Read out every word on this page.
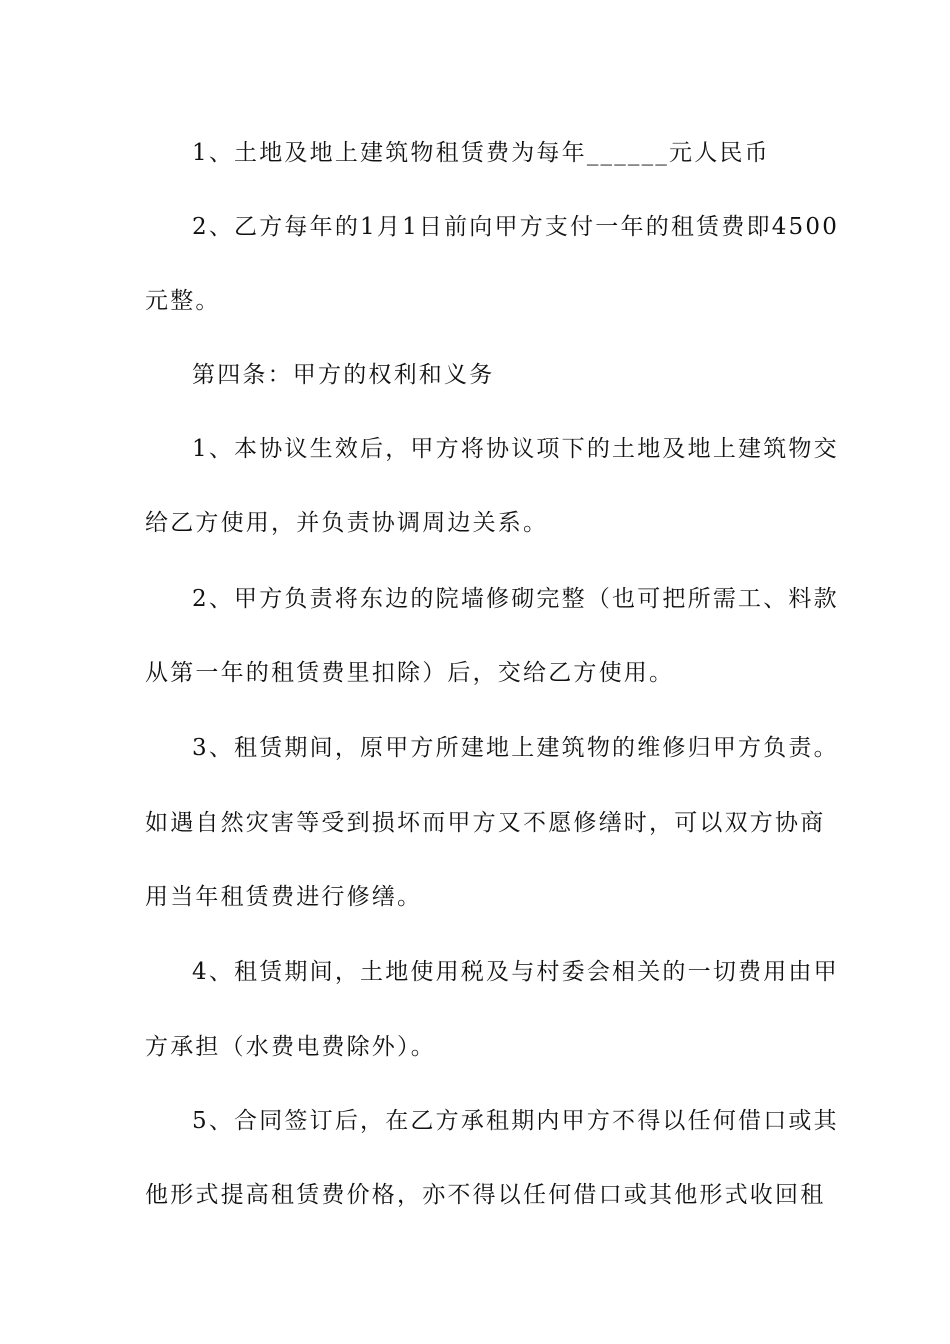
1、土地及地上建筑物租赁费为每年______元人民币
2、乙方每年的1月1日前向甲方支付一年的租赁费即4500
元整。
第四条：甲方的权利和义务
1、本协议生效后，甲方将协议项下的土地及地上建筑物交
给乙方使用，并负责协调周边关系。
2、甲方负责将东边的院墙修砌完整（也可把所需工、料款
从第一年的租赁费里扣除）后，交给乙方使用。
3、租赁期间，原甲方所建地上建筑物的维修归甲方负责。
如遇自然灾害等受到损坏而甲方又不愿修缮时，可以双方协商
用当年租赁费进行修缮。
4、租赁期间，土地使用税及与村委会相关的一切费用由甲
方承担（水费电费除外）。
5、合同签订后，在乙方承租期内甲方不得以任何借口或其
他形式提高租赁费价格，亦不得以任何借口或其他形式收回租
